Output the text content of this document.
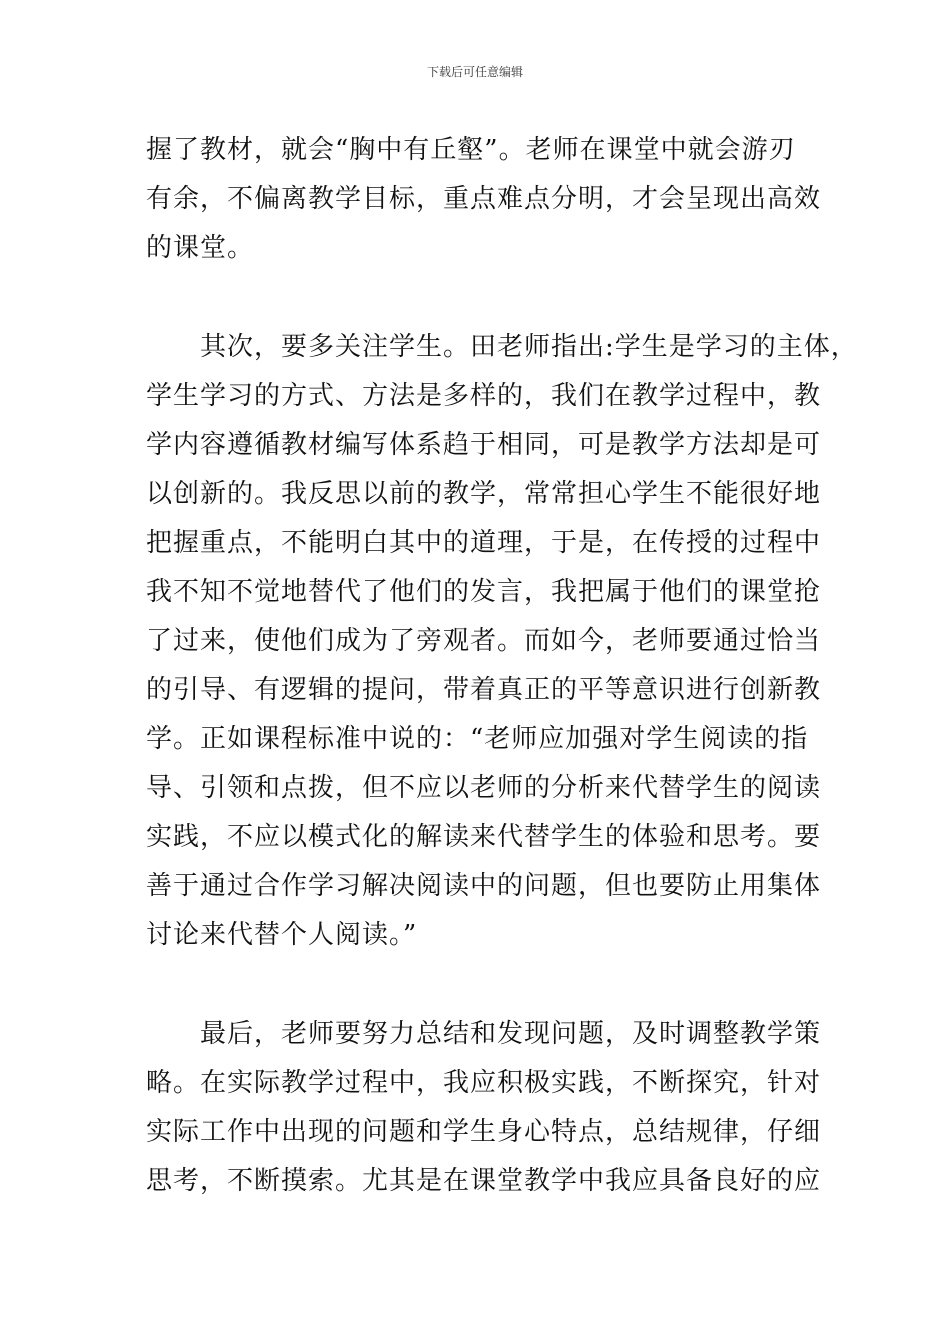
下载后可任意编辑
握了教材，就会“胸中有丘壑”。老师在课堂中就会游刃
有余，不偏离教学目标，重点难点分明，才会呈现出高效
的课堂。
　　其次，要多关注学生。田老师指出:学生是学习的主体，
学生学习的方式、方法是多样的，我们在教学过程中，教
学内容遵循教材编写体系趋于相同，可是教学方法却是可
以创新的。我反思以前的教学，常常担心学生不能很好地
把握重点，不能明白其中的道理，于是，在传授的过程中
我不知不觉地替代了他们的发言，我把属于他们的课堂抢
了过来，使他们成为了旁观者。而如今，老师要通过恰当
的引导、有逻辑的提问，带着真正的平等意识进行创新教
学。正如课程标准中说的：“老师应加强对学生阅读的指
导、引领和点拨，但不应以老师的分析来代替学生的阅读
实践，不应以模式化的解读来代替学生的体验和思考。要
善于通过合作学习解决阅读中的问题，但也要防止用集体
讨论来代替个人阅读。”
　　最后，老师要努力总结和发现问题，及时调整教学策
略。在实际教学过程中，我应积极实践，不断探究，针对
实际工作中出现的问题和学生身心特点，总结规律，仔细
思考，不断摸索。尤其是在课堂教学中我应具备良好的应
